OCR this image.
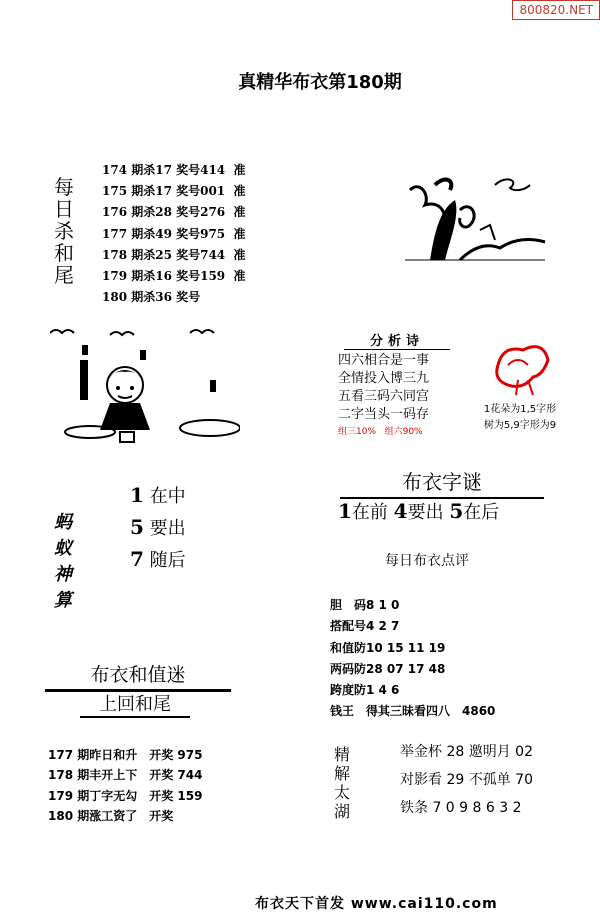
800820.NET
真精华布衣第180期
每日杀和尾
174 期杀17 奖号414 准
175 期杀17 奖号001 准
176 期杀28 奖号276 准
177 期杀49 奖号975 准
178 期杀25 奖号744 准
179 期杀16 奖号159 准
180 期杀36 奖号
分析诗
四六相合是一事
全情投入博三九
五看三码六同宫
二字当头一码存
组三10% 组六90%
1花朵为1,5字形
树为5,9字形为9
蚂蚁神算
1 在中
5 要出
7 随后
布衣字谜
1在前 4要出 5在后
每日布衣点评
胆　码8 1 0
搭配号4 2 7
和值防10 15 11 19
两码防28 07 17 48
跨度防1 4 6
钱王　得其三昧看四八　4860
布衣和值迷
上回和尾
177 期昨日和升　开奖 975
178 期丰开上下　开奖 744
179 期丁字无勾　开奖 159
180 期涨工资了　开奖
精解太湖
举金杯 28 邀明月 02
对影看 29 不孤单 70
铁条 7 0 9 8 6 3 2
布衣天下首发 www.cai110.com
